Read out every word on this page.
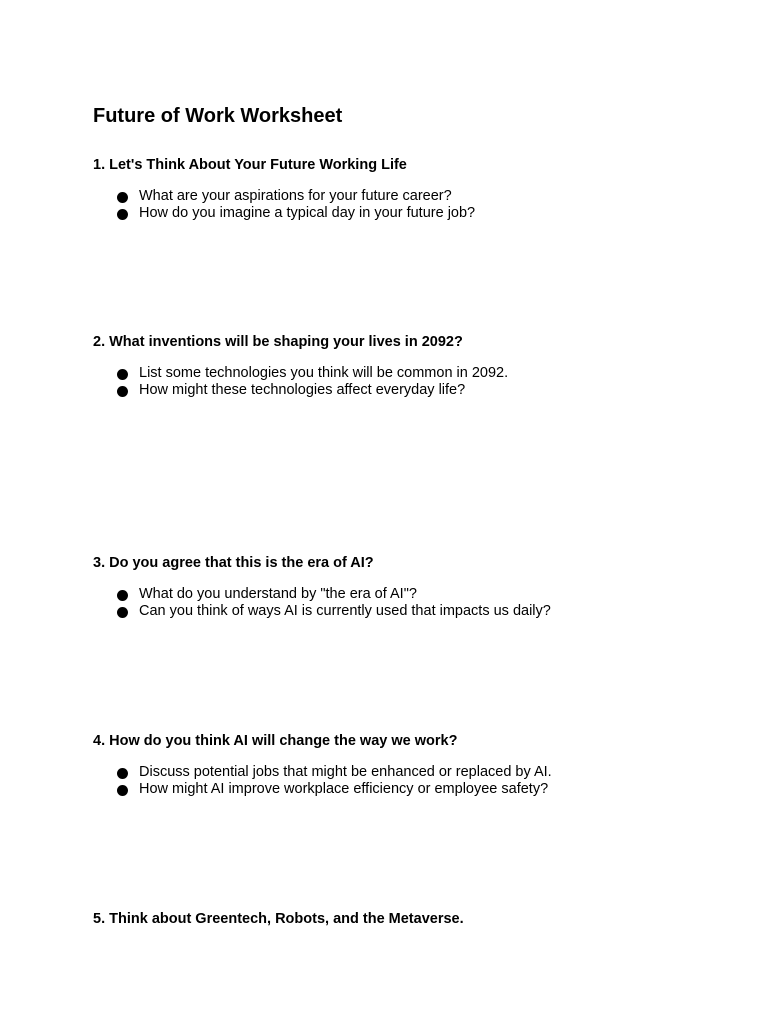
Future of Work Worksheet

1. Let's Think About Your Future Working Life

What are your aspirations for your future career?
How do you imagine a typical day in your future job?

2. What inventions will be shaping your lives in 2092?

List some technologies you think will be common in 2092.
How might these technologies affect everyday life?

3. Do you agree that this is the era of AI?

What do you understand by "the era of AI"?
Can you think of ways AI is currently used that impacts us daily?

4. How do you think AI will change the way we work?

Discuss potential jobs that might be enhanced or replaced by AI.
How might AI improve workplace efficiency or employee safety?

5. Think about Greentech, Robots, and the Metaverse.
